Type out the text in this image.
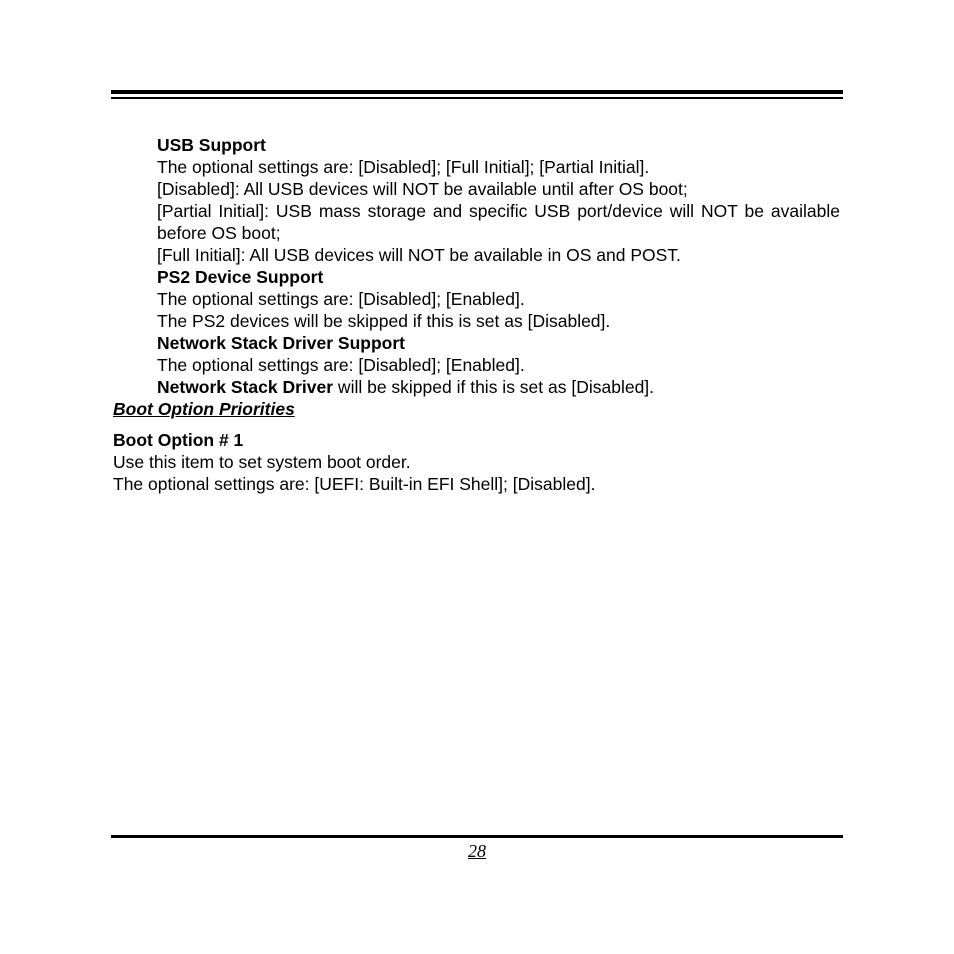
USB Support

The optional settings are: [Disabled]; [Full Initial]; [Partial Initial].

[Disabled]: All USB devices will NOT be available until after OS boot;

[Partial Initial]: USB mass storage and specific USB port/device will NOT be available before OS boot;

[Full Initial]: All USB devices will NOT be available in OS and POST.

PS2 Device Support

The optional settings are: [Disabled]; [Enabled].

The PS2 devices will be skipped if this is set as [Disabled].

Network Stack Driver Support

The optional settings are: [Disabled]; [Enabled].

Network Stack Driver will be skipped if this is set as [Disabled].

Boot Option Priorities

Boot Option # 1

Use this item to set system boot order.

The optional settings are: [UEFI: Built-in EFI Shell]; [Disabled].

28
